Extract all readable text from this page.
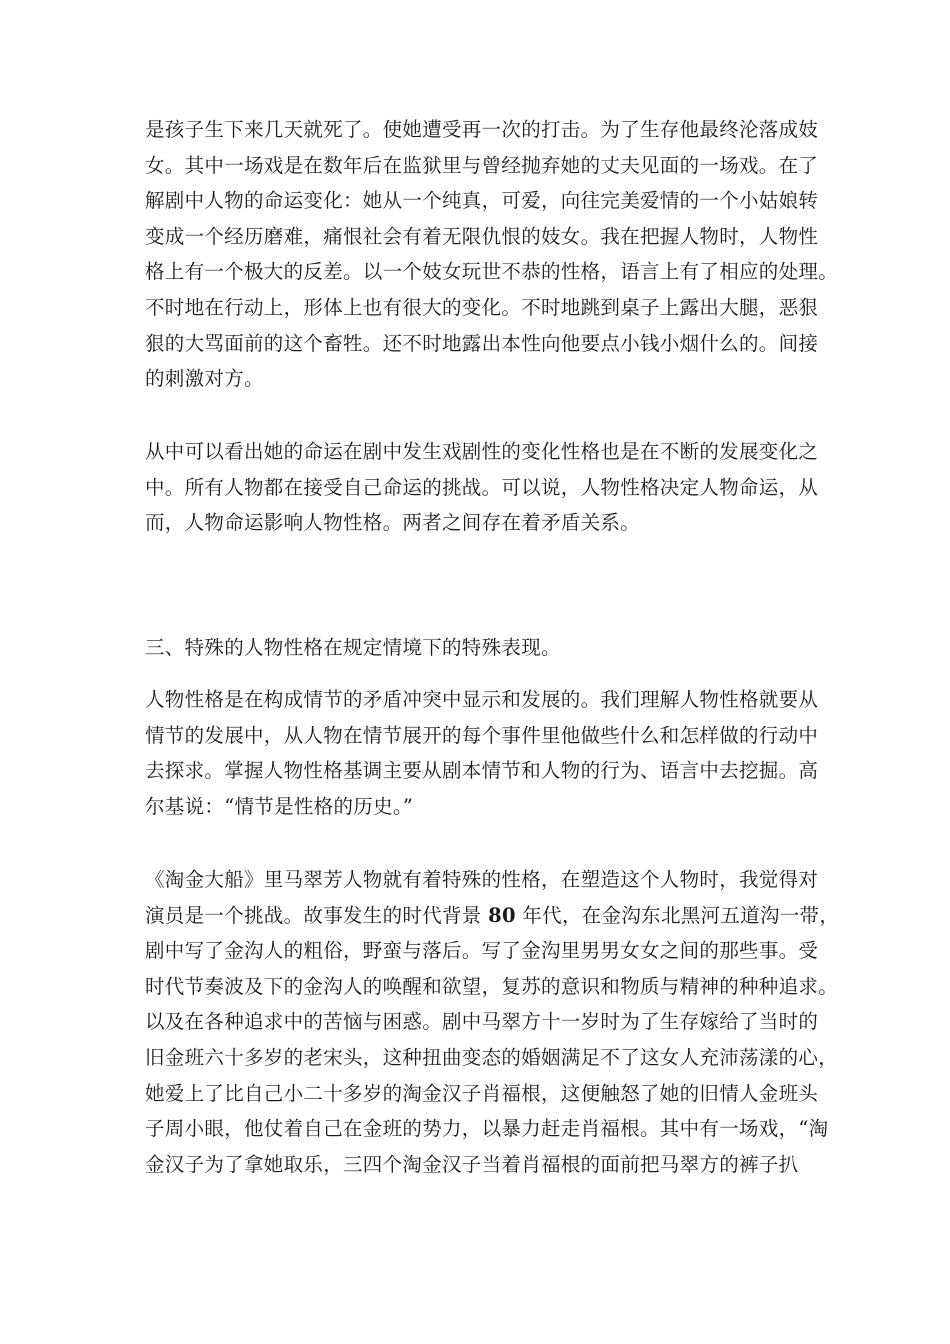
是孩子生下来几天就死了。使她遭受再一次的打击。为了生存他最终沦落成妓
女。其中一场戏是在数年后在监狱里与曾经抛弃她的丈夫见面的一场戏。在了
解剧中人物的命运变化：她从一个纯真，可爱，向往完美爱情的一个小姑娘转
变成一个经历磨难，痛恨社会有着无限仇恨的妓女。我在把握人物时，人物性
格上有一个极大的反差。以一个妓女玩世不恭的性格，语言上有了相应的处理。
不时地在行动上，形体上也有很大的变化。不时地跳到桌子上露出大腿，恶狠
狠的大骂面前的这个畜牲。还不时地露出本性向他要点小钱小烟什么的。间接
的刺激对方。
从中可以看出她的命运在剧中发生戏剧性的变化性格也是在不断的发展变化之
中。所有人物都在接受自己命运的挑战。可以说，人物性格决定人物命运，从
而，人物命运影响人物性格。两者之间存在着矛盾关系。
三、特殊的人物性格在规定情境下的特殊表现。
人物性格是在构成情节的矛盾冲突中显示和发展的。我们理解人物性格就要从
情节的发展中，从人物在情节展开的每个事件里他做些什么和怎样做的行动中
去探求。掌握人物性格基调主要从剧本情节和人物的行为、语言中去挖掘。高
尔基说：“情节是性格的历史。”
《淘金大船》里马翠芳人物就有着特殊的性格，在塑造这个人物时，我觉得对
演员是一个挑战。故事发生的时代背景 80 年代，在金沟东北黑河五道沟一带，
剧中写了金沟人的粗俗，野蛮与落后。写了金沟里男男女女之间的那些事。受
时代节奏波及下的金沟人的唤醒和欲望，复苏的意识和物质与精神的种种追求。
以及在各种追求中的苦恼与困惑。剧中马翠方十一岁时为了生存嫁给了当时的
旧金班六十多岁的老宋头，这种扭曲变态的婚姻满足不了这女人充沛荡漾的心，
她爱上了比自己小二十多岁的淘金汉子肖福根，这便触怒了她的旧情人金班头
子周小眼，他仗着自己在金班的势力，以暴力赶走肖福根。其中有一场戏，“淘
金汉子为了拿她取乐，三四个淘金汉子当着肖福根的面前把马翠方的裤子扒
